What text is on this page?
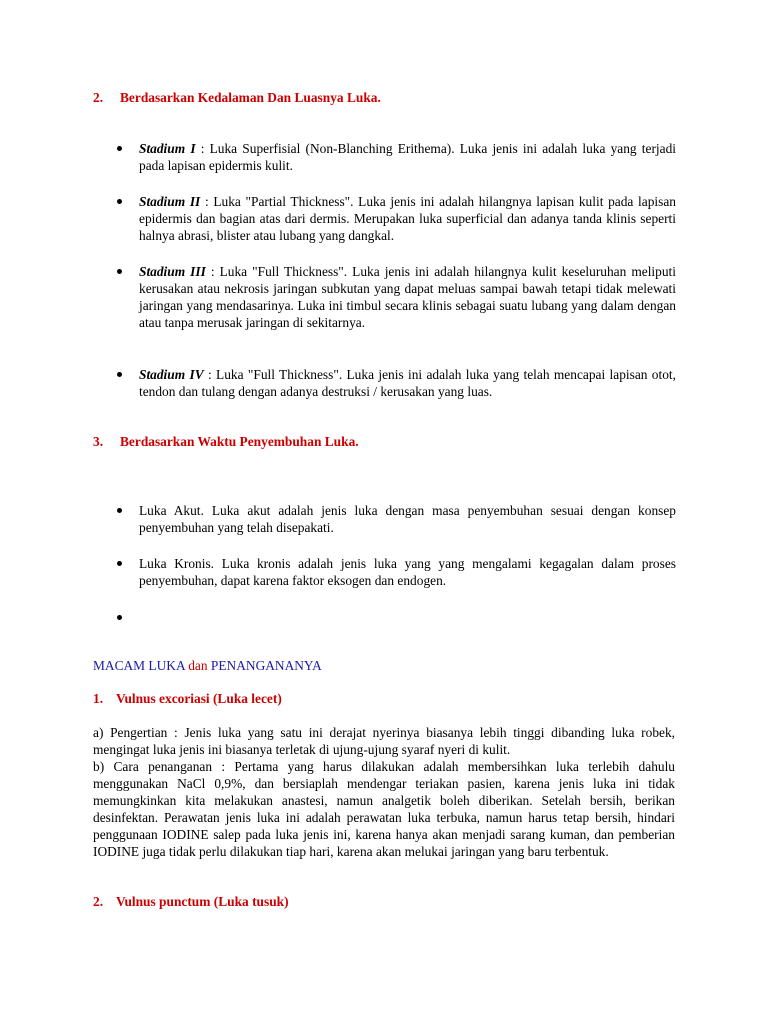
2. Berdasarkan Kedalaman Dan Luasnya Luka.
Stadium I : Luka Superfisial (Non-Blanching Erithema). Luka jenis ini adalah luka yang terjadi pada lapisan epidermis kulit.
Stadium II : Luka "Partial Thickness". Luka jenis ini adalah hilangnya lapisan kulit pada lapisan epidermis dan bagian atas dari dermis. Merupakan luka superficial dan adanya tanda klinis seperti halnya abrasi, blister atau lubang yang dangkal.
Stadium III : Luka "Full Thickness". Luka jenis ini adalah hilangnya kulit keseluruhan meliputi kerusakan atau nekrosis jaringan subkutan yang dapat meluas sampai bawah tetapi tidak melewati jaringan yang mendasarinya. Luka ini timbul secara klinis sebagai suatu lubang yang dalam dengan atau tanpa merusak jaringan di sekitarnya.
Stadium IV : Luka "Full Thickness". Luka jenis ini adalah luka yang telah mencapai lapisan otot, tendon dan tulang dengan adanya destruksi / kerusakan yang luas.
3. Berdasarkan Waktu Penyembuhan Luka.
Luka Akut. Luka akut adalah jenis luka dengan masa penyembuhan sesuai dengan konsep penyembuhan yang telah disepakati.
Luka Kronis. Luka kronis adalah jenis luka yang yang mengalami kegagalan dalam proses penyembuhan, dapat karena faktor eksogen dan endogen.
MACAM LUKA dan PENANGANANYA
1. Vulnus excoriasi (Luka lecet)
a) Pengertian : Jenis luka yang satu ini derajat nyerinya biasanya lebih tinggi dibanding luka robek, mengingat luka jenis ini biasanya terletak di ujung-ujung syaraf nyeri di kulit.
b) Cara penanganan : Pertama yang harus dilakukan adalah membersihkan luka terlebih dahulu menggunakan NaCl 0,9%, dan bersiaplah mendengar teriakan pasien, karena jenis luka ini tidak memungkinkan kita melakukan anastesi, namun analgetik boleh diberikan. Setelah bersih, berikan desinfektan. Perawatan jenis luka ini adalah perawatan luka terbuka, namun harus tetap bersih, hindari penggunaan IODINE salep pada luka jenis ini, karena hanya akan menjadi sarang kuman, dan pemberian IODINE juga tidak perlu dilakukan tiap hari, karena akan melukai jaringan yang baru terbentuk.
2. Vulnus punctum (Luka tusuk)
